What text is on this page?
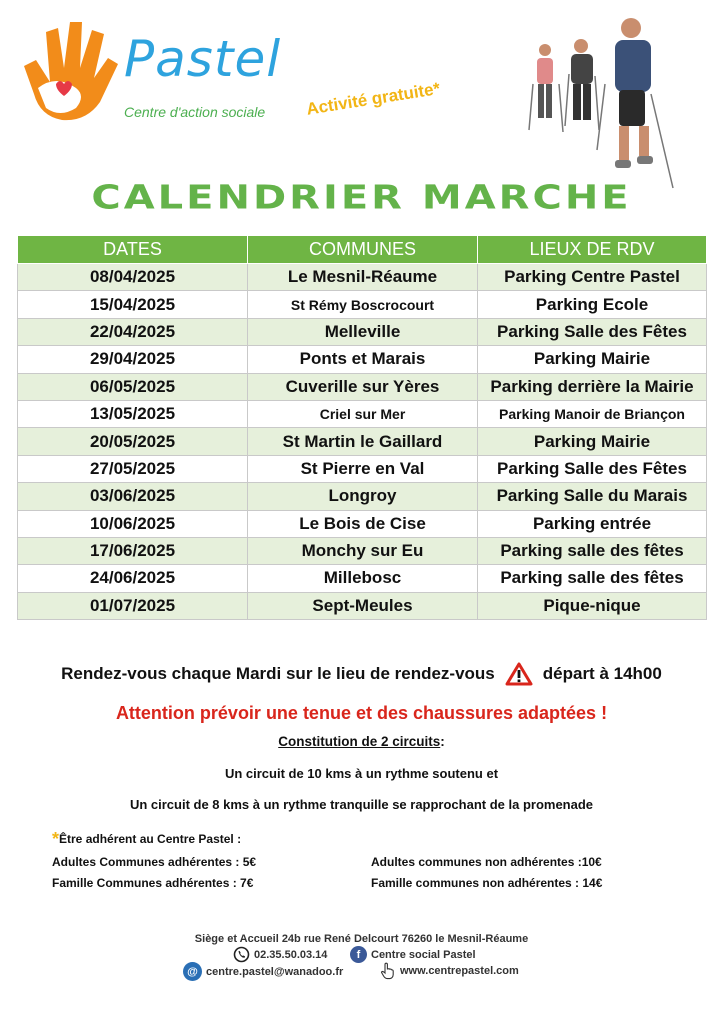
Pastel
Centre d'action sociale Activité gratuite*
CALENDRIER MARCHE
DATES	COMMUNES	LIEUX DE RDV
08/04/2025	Le Mesnil-Réaume	Parking Centre Pastel
15/04/2025	St Rémy Boscrocourt	Parking Ecole
22/04/2025	Melleville	Parking Salle des Fêtes
29/04/2025	Ponts et Marais	Parking Mairie
06/05/2025	Cuverille sur Yères	Parking derrière la Mairie
13/05/2025	Criel sur Mer	Parking Manoir de Briançon
20/05/2025	St Martin le Gaillard	Parking Mairie
27/05/2025	St Pierre en Val	Parking Salle des Fêtes
03/06/2025	Longroy	Parking Salle du Marais
10/06/2025	Le Bois de Cise	Parking entrée
17/06/2025	Monchy sur Eu	Parking salle des fêtes
24/06/2025	Millebosc	Parking salle des fêtes
01/07/2025	Sept-Meules	Pique-nique
Rendez-vous chaque Mardi sur le lieu de rendez-vous	départ à 14h00
Attention prévoir une tenue et des chaussures adaptées !
Constitution de 2 circuits:
Un circuit de 10 kms à un rythme soutenu et
Un circuit de 8 kms à un rythme tranquille se rapprochant de la promenade
*Être adhérent au Centre Pastel :
Adultes Communes adhérentes : 5€
Famille Communes adhérentes : 7€
Adultes communes non adhérentes :10€
Famille communes non adhérentes : 14€
Siège et Accueil 24b rue René Delcourt 76260 le Mesnil-Réaume
02.35.50.03.14	f Centre social Pastel
@ centre.pastel@wanadoo.fr	www.centrepastel.com
